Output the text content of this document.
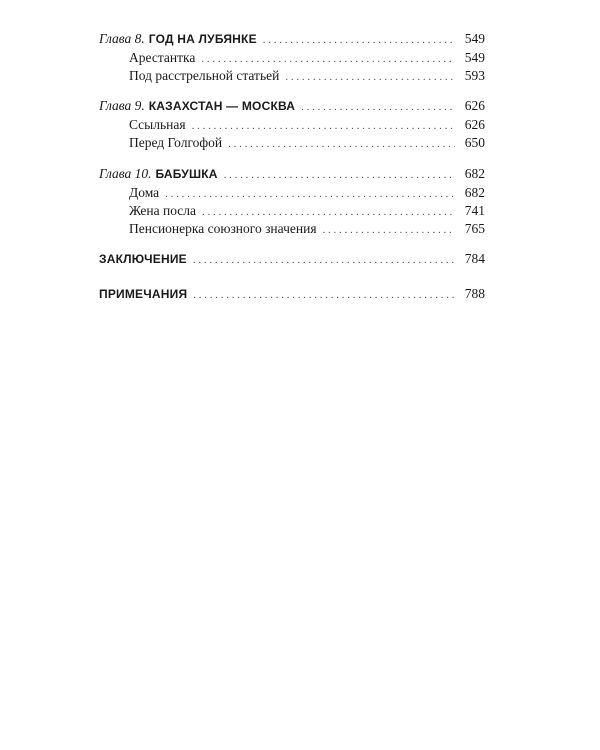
Глава 8. ГОД НА ЛУБЯНКЕ . . .	549
Арестантка . . .	549
Под расстрельной статьей . . .	593
Глава 9. КАЗАХСТАН — МОСКВА . . .	626
Ссыльная . . .	626
Перед Голгофой . . .	650
Глава 10. БАБУШКА . . .	682
Дома . . .	682
Жена посла . . .	741
Пенсионерка союзного значения . . .	765
ЗАКЛЮЧЕНИЕ . . .	784
ПРИМЕЧАНИЯ . . .	788
